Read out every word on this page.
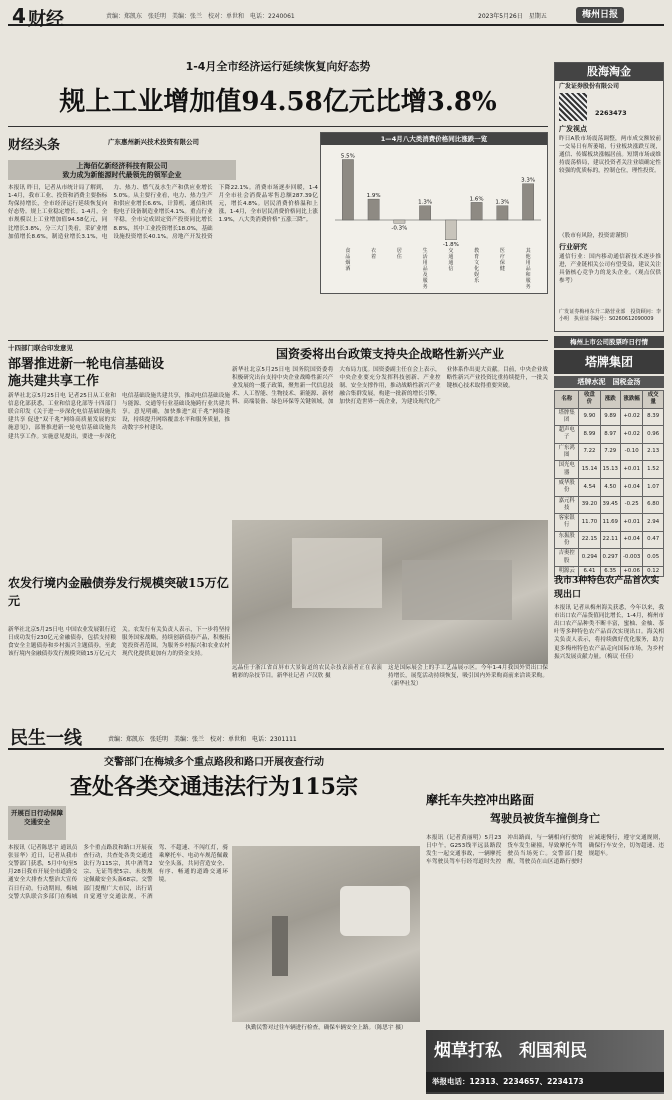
4 财经	责编：郑凯东　张廷明　美编：张兰　校对：单世和　电话：2240061	2023年5月26日　星期五	梅州日报
1-4月全市经济运行延续恢复向好态势
规上工业增加值94.58亿元比增3.8%
财经头条	广东惠州新兴技术投资有限公司
上海佰亿新经济科技有限公司
致力成为新能源时代最领先的领军企业
本报讯 昨日，记者从市统计局了解到，1-4月，我市工业、投资和消费主要指标均保持增长，全市经济运行延续恢复向好态势。规上工业稳定增长。1-4月，全市规模以上工业增加值94.58亿元，同比增长3.8%，分三大门类看，采矿业增加值增长8.6%，制造业增长3.1%，电力、热力、燃气及水生产和供应业增长5.0%。从主要行业看，电力、热力生产和供应业增长6.6%，计算机、通信和其他电子设备制造业增长4.1%。重点行业平稳，全市完成固定资产投资同比增长8.8%，其中工业投资增长18.0%，基础设施投资增长40.1%。房地产开发投资下降22.1%。消费市场逐步回暖，1-4月全市社会消费品零售总额287.39亿元，增长4.8%。居民消费价格温和上涨，1-4月，全市居民消费价格同比上涨1.9%，八大类消费价格“五涨三降”。
1—4月八大类消费价格同比涨跌一览
5.5%
食
品
烟
酒
1.9%
衣
着
-0.3%
居
住
1.3%
生
活
用
品
及
服
务
-1.8%
交
通
通
信
1.6%
教
育
文
化
娱
乐
1.3%
医
疗
保
健
3.3%
其
他
用
品
和
服
务
十四部门联合印发意见
部署推进新一轮电信基础设施共建共享工作
新华社北京5月25日电 记者25日从工业和信息化部获悉，工业和信息化部等十四部门联合印发《关于进一步深化电信基础设施共建共享 促进“双千兆”网络高质量发展的实施意见》，部署推进新一轮电信基础设施共建共享工作。实施意见提出，要进一步深化电信基础设施共建共享，推动电信基础设施与能源、交通等行业基础设施跨行业共建共享。意见明确，加快推进“双千兆”网络建设，持续提升网络覆盖水平和服务质量，推动数字乡村建设。
国资委将出台政策支持央企战略性新兴产业
新华社北京5月25日电 国务院国资委将积极研究出台支持中央企业战略性新兴产业发展的一揽子政策，聚焦新一代信息技术、人工智能、生物技术、新能源、新材料、高端装备、绿色环保等关键领域，加大布局力度。国资委副主任在会上表示，中央企业要充分发挥科技创新、产业控制、安全支撑作用，推动战略性新兴产业融合集群发展，构建一批新的增长引擎，加快打造世界一流企业，为建设现代化产业体系作出更大贡献。目前，中央企业战略性新兴产业投资比重持续提升，一批关键核心技术取得重要突破。
远晶佳于浙江省首屏市大景街道的农民杂技表演者正在表演精彩的杂技节目。新华社记者 卢汉欣 摄
这是国际展会上的手工艺品展示区。今年1-4月我国外贸出口保持增长，展览活动持续恢复，吸引国内外采购商前来洽谈采购。（新华社发）
农发行境内金融债券发行规模突破15万亿元
新华社北京5月25日电 中国农业发展银行近日成功发行230亿元金融债券，包括支持粮食安全主题债券和乡村振兴主题债券，至此该行境内金融债券发行规模突破15万亿元大关。农发行有关负责人表示，下一步将坚持服务国家战略，持续创新债券产品，积极拓宽投资者范围，为服务乡村振兴和农业农村现代化提供更加有力的资金支持。
股海淘金
广发证券股份有限公司
2263473
广发视点
昨日A股市场震荡调整，两市成交额较前一交易日有所萎缩，行业板块涨跌互现，通信、传媒板块涨幅居前。短期市场或维持震荡格局，建议投资者关注业绩确定性较强的优质标的，控制仓位，理性投资。
（股市有风险，投资需谨慎）
行业研究
通信行业：国内移动通信新技术逐步推进，产业链相关公司有望受益，建议关注具备核心竞争力的龙头企业。（观点仅供参考）
广发证券梅州东升二路营业部　投资顾问：李小明　执业证书编号：S0260612090009
梅州上市公司股票昨日行情
塔牌集团
塔牌水泥　国税金汤
名称	收盘价	涨跌	涨跌幅	成交量
塔牌集团	9.90	9.89	+0.02	8.39
超声电子	8.99	8.97	+0.02	0.96
广东鸿图	7.22	7.29	-0.10	2.13
国光电器	15.14	15.13	+0.01	1.52
威华股份	4.54	4.50	+0.04	1.07
嘉元科技	39.20	39.45	-0.25	6.80
客家银行	11.70	11.69	+0.01	2.94
东振股份	22.15	22.11	+0.04	0.47
吉奥控股	0.294	0.297	-0.003	0.05
明源云	6.41	6.35	+0.06	0.12
我市3种特色农产品首次实现出口
本报讯 记者从梅州海关获悉，今年以来，我市出口农产品货值同比增长，1-4月，梅州市出口农产品种类不断丰富，蜜柚、金柚、茶叶等多种特色农产品首次实现出口。海关相关负责人表示，将持续做好优化服务，助力更多梅州特色农产品走向国际市场，为乡村振兴发展贡献力量。（梅议 任佳）
民生一线	责编：郑凯东　张廷明　美编：张兰　校对：单世和　电话：2301111
交警部门在梅城多个重点路段和路口开展夜查行动
查处各类交通违法行为115宗
开展百日行动保障交通安全
本报讯（记者陈思宇 通讯员张显华）近日，记者从我市交警部门获悉，5月中旬至5月28日我市开展全市道路交通安全大排查大整治大宣传百日行动。行动期间，梅城交警大队联合多部门在梅城多个重点路段和路口开展夜查行动，共查处各类交通违法行为115宗，其中酒驾2宗、无证驾驶5宗、未按规定佩戴安全头盔68宗。交警部门提醒广大市民，出行请自觉遵守交通法规，不酒驾、不超速、不闯红灯，骑乘摩托车、电动车规范佩戴安全头盔，共同营造安全、有序、畅通的道路交通环境。
执勤民警对过往车辆进行检查，确保车辆安全上路。（陈思宇 摄）
摩托车失控冲出路面
驾驶员被货车撞倒身亡
本报讯（记者黄丽明）5月23日中午，G253线平远县路段发生一起交通事故，一辆摩托车驾驶员驾车行经弯道时失控冲出路面，与一辆相向行驶的货车发生碰撞，导致摩托车驾驶员当场死亡。交警部门提醒，驾驶员在山区道路行驶时应减速慢行，遵守交通规则，确保行车安全，切勿超速、违规超车。
烟草打私　利国利民
举报电话：12313、2234657、2234173
